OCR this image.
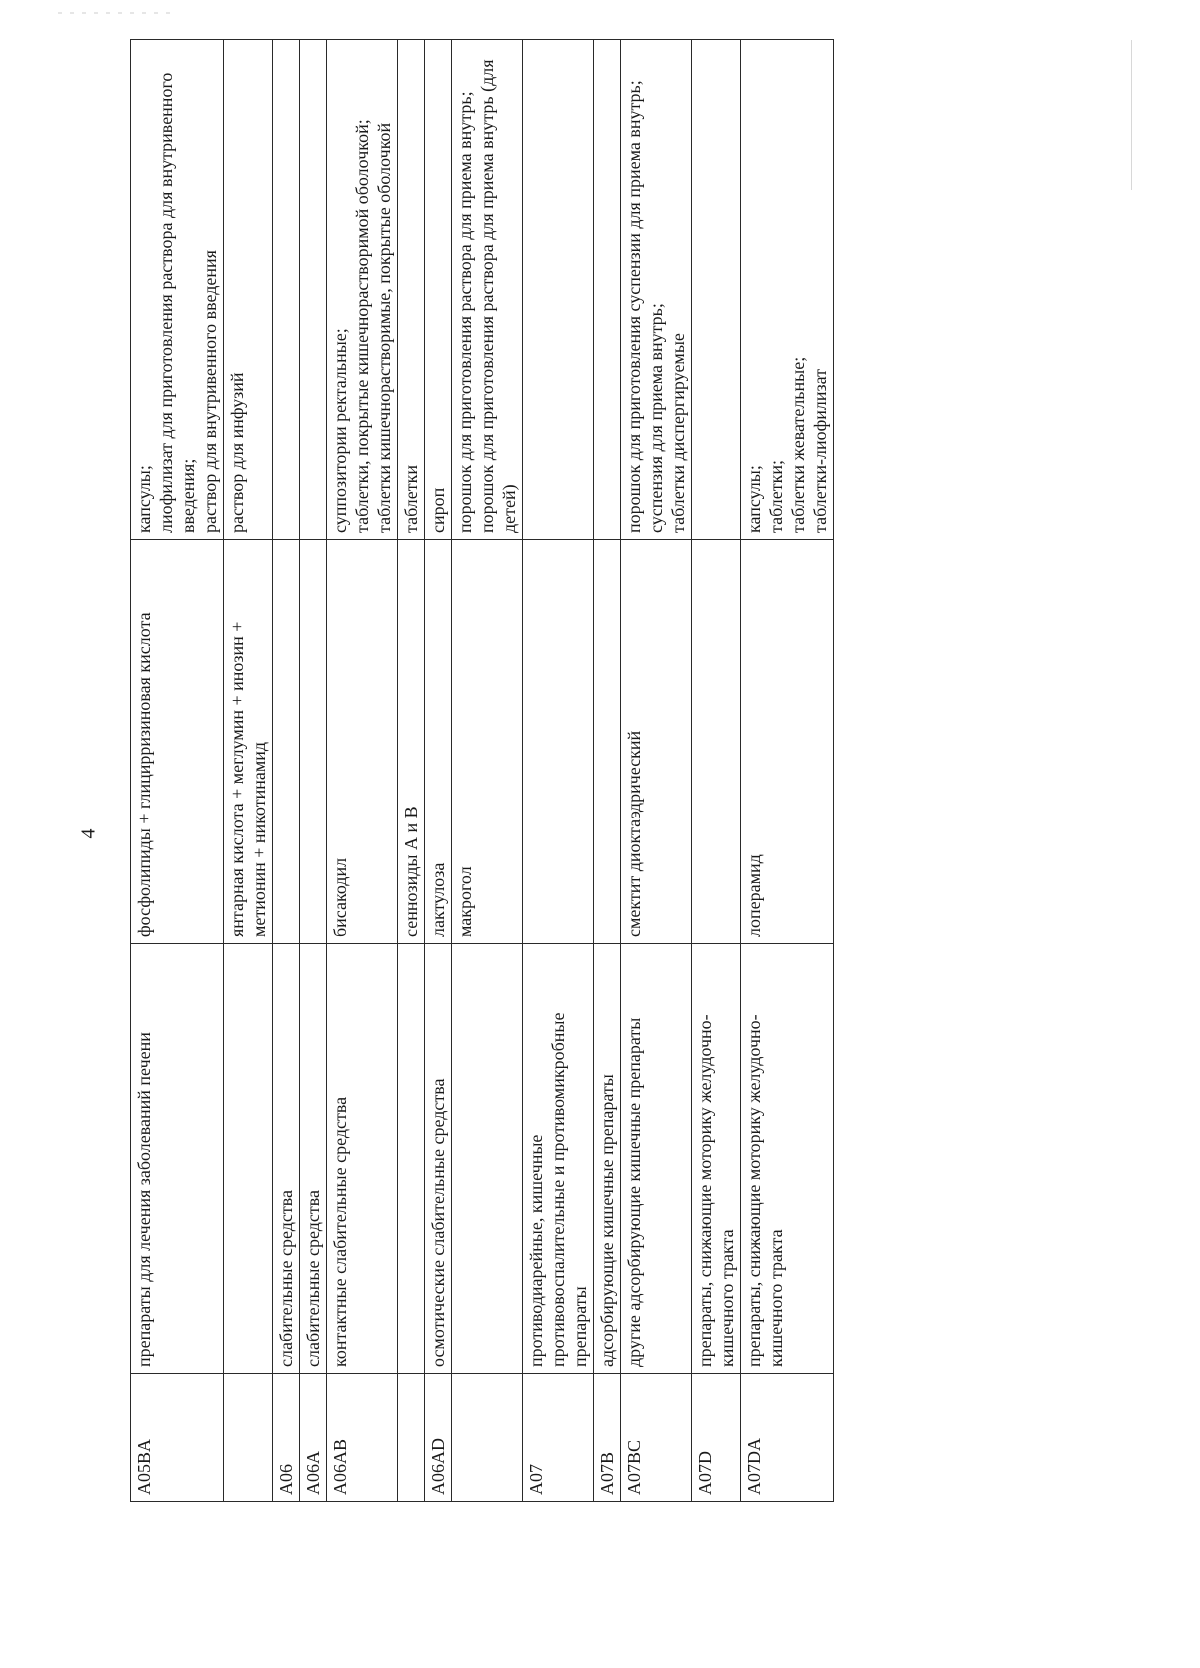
4
A05BA	препараты для лечения заболеваний печени	фосфолипиды + глицирризиновая кислота	капсулы; лиофилизат для приготовления раствора для внутривенного введения; раствор для внутривенного введения

		янтарная кислота + меглумин + инозин + метионин + никотинамид	раствор для инфузий

A06	слабительные средства		
A06A	слабительные средства		
A06AB	контактные слабительные средства	бисакодил	суппозитории ректальные; таблетки, покрытые кишечнорастворимой оболочкой; таблетки кишечнорастворимые, покрытые оболочкой

		сеннозиды А и В	таблетки

A06AD	осмотические слабительные средства	лактулоза	сироп

		макрогол	порошок для приготовления раствора для приема внутрь; порошок для приготовления раствора для приема внутрь (для детей)

A07	противодиарейные, кишечные противовоспалительные и противомикробные препараты		
A07B	адсорбирующие кишечные препараты		
A07BC	другие адсорбирующие кишечные препараты	смектит диоктаэдрический	порошок для приготовления суспензии для приема внутрь; суспензия для приема внутрь; таблетки диспергируемые

A07D	препараты, снижающие моторику желудочно-кишечного тракта		
A07DA	препараты, снижающие моторику желудочно-кишечного тракта	лоперамид	капсулы; таблетки; таблетки жевательные; таблетки-лиофилизат
